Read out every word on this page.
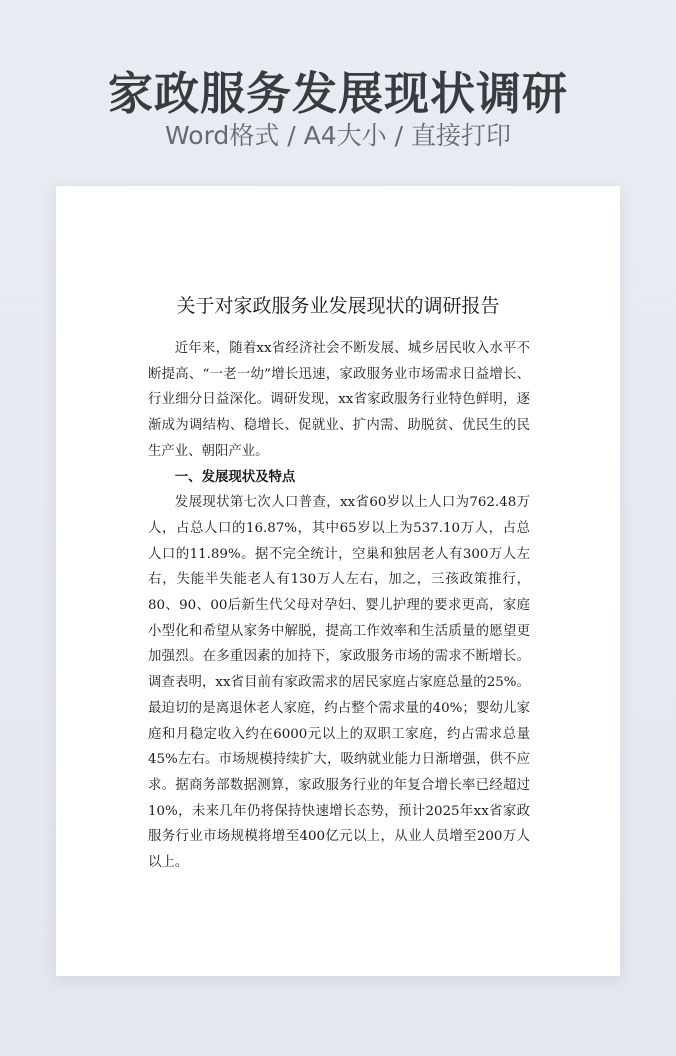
家政服务发展现状调研
Word格式 / A4大小 / 直接打印
关于对家政服务业发展现状的调研报告

近年来，随着xx省经济社会不断发展、城乡居民收入水平不断提高、“一老一幼”增长迅速，家政服务业市场需求日益增长、行业细分日益深化。调研发现，xx省家政服务行业特色鲜明，逐渐成为调结构、稳增长、促就业、扩内需、助脱贫、优民生的民生产业、朝阳产业。

一、发展现状及特点

发展现状第七次人口普查，xx省60岁以上人口为762.48万人，占总人口的16.87%，其中65岁以上为537.10万人，占总人口的11.89%。据不完全统计，空巢和独居老人有300万人左右，失能半失能老人有130万人左右，加之，三孩政策推行，80、90、00后新生代父母对孕妇、婴儿护理的要求更高，家庭小型化和希望从家务中解脱，提高工作效率和生活质量的愿望更加强烈。在多重因素的加持下，家政服务市场的需求不断增长。调查表明，xx省目前有家政需求的居民家庭占家庭总量的25%。最迫切的是离退休老人家庭，约占整个需求量的40%；婴幼儿家庭和月稳定收入约在6000元以上的双职工家庭，约占需求总量45%左右。市场规模持续扩大，吸纳就业能力日渐增强，供不应求。据商务部数据测算，家政服务行业的年复合增长率已经超过10%，未来几年仍将保持快速增长态势，预计2025年xx省家政服务行业市场规模将增至400亿元以上，从业人员增至200万人以上。
